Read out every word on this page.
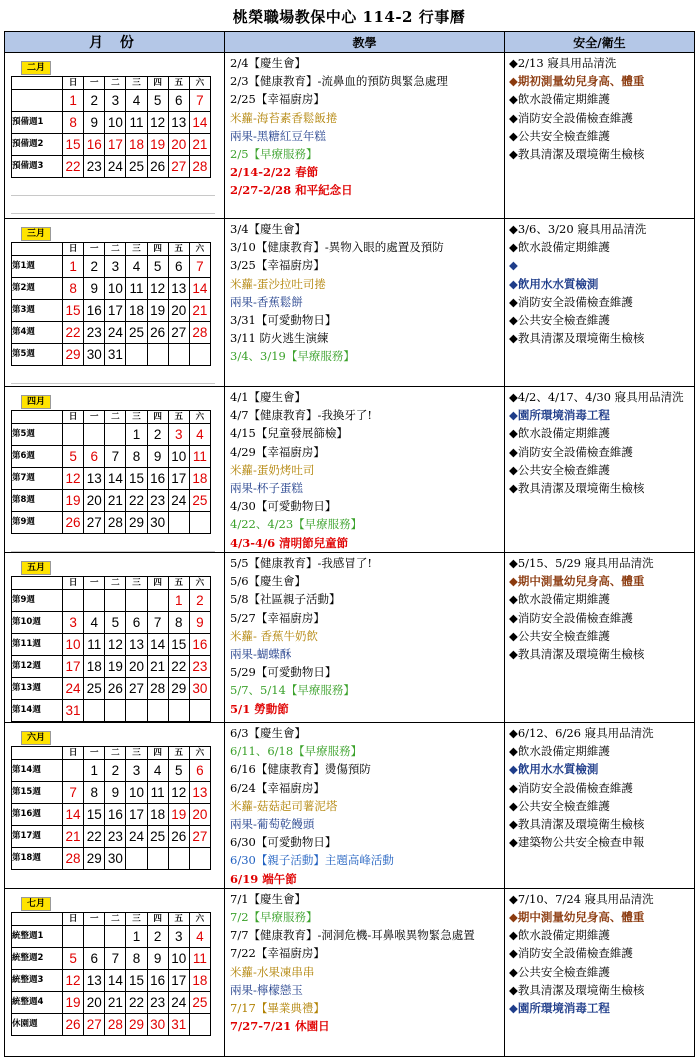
桃榮職場教保中心 114-2 行事曆
月 份	教學	安全/衛生

二月
	日	一	二	三	四	五	六
	1	2	3	4	5	6	7
預備週1	8	9	10	11	12	13	14
預備週2	15	16	17	18	19	20	21
預備週3	22	23	24	25	26	27	28

2/4【慶生會】
2/3【健康教育】-流鼻血的預防與緊急處理
2/25【幸福廚房】
米蘿-海苔素香鬆飯捲
兩果-黑糖紅豆年糕
2/5【早療服務】
2/14-2/22 春節
2/27-2/28 和平紀念日

◆2/13 寢具用品清洗
◆期初測量幼兒身高、體重
◆飲水設備定期維護
◆消防安全設備檢查維護
◆公共安全檢查維護
◆教具清潔及環境衛生檢核

三月
	日	一	二	三	四	五	六
第1週	1	2	3	4	5	6	7
第2週	8	9	10	11	12	13	14
第3週	15	16	17	18	19	20	21
第4週	22	23	24	25	26	27	28
第5週	29	30	31				

3/4【慶生會】
3/10【健康教育】-異物入眼的處置及預防
3/25【幸福廚房】
米蘿-蛋沙拉吐司捲
兩果-香蕉鬆餅
3/31【可愛動物日】
3/11 防火逃生演練
3/4、3/19【早療服務】

◆3/6、3/20 寢具用品清洗
◆飲水設備定期維護
◆
◆飲用水水質檢測
◆消防安全設備檢查維護
◆公共安全檢查維護
◆教具清潔及環境衛生檢核

四月
	日	一	二	三	四	五	六
第5週				1	2	3	4
第6週	5	6	7	8	9	10	11
第7週	12	13	14	15	16	17	18
第8週	19	20	21	22	23	24	25
第9週	26	27	28	29	30		

4/1【慶生會】
4/7【健康教育】-我換牙了!
4/15【兒童發展篩檢】
4/29【幸福廚房】
米蘿-蛋奶烤吐司
兩果-杯子蛋糕
4/30【可愛動物日】
4/22、4/23【早療服務】
4/3-4/6 清明節兒童節

◆4/2、4/17、4/30 寢具用品清洗
◆園所環境消毒工程
◆飲水設備定期維護
◆消防安全設備檢查維護
◆公共安全檢查維護
◆教具清潔及環境衛生檢核

五月
	日	一	二	三	四	五	六
第9週						1	2
第10週	3	4	5	6	7	8	9
第11週	10	11	12	13	14	15	16
第12週	17	18	19	20	21	22	23
第13週	24	25	26	27	28	29	30
第14週	31						

5/5【健康教育】-我感冒了!
5/6【慶生會】
5/8【社區親子活動】
5/27【幸福廚房】
米蘿- 香蕉牛奶飲
兩果-蝴蝶酥
5/29【可愛動物日】
5/7、5/14【早療服務】
5/1 勞動節

◆5/15、5/29 寢具用品清洗
◆期中測量幼兒身高、體重
◆飲水設備定期維護
◆消防安全設備檢查維護
◆公共安全檢查維護
◆教具清潔及環境衛生檢核

六月
	日	一	二	三	四	五	六
第14週		1	2	3	4	5	6
第15週	7	8	9	10	11	12	13
第16週	14	15	16	17	18	19	20
第17週	21	22	23	24	25	26	27
第18週	28	29	30				

6/3【慶生會】
6/11、6/18【早療服務】
6/16【健康教育】燙傷預防
6/24【幸福廚房】
米蘿-菇菇起司薯泥塔
兩果-葡萄乾饅頭
6/30【可愛動物日】
6/30【親子活動】主題高峰活動
6/19 端午節

◆6/12、6/26 寢具用品清洗
◆飲水設備定期維護
◆飲用水水質檢測
◆消防安全設備檢查維護
◆公共安全檢查維護
◆教具清潔及環境衛生檢核
◆建築物公共安全檢查申報

七月
	日	一	二	三	四	五	六
統整週1				1	2	3	4
統整週2	5	6	7	8	9	10	11
統整週3	12	13	14	15	16	17	18
統整週4	19	20	21	22	23	24	25
休園週	26	27	28	29	30	31	

7/1【慶生會】
7/2【早療服務】
7/7【健康教育】-洞洞危機-耳鼻喉異物緊急處置
7/22【幸福廚房】
米蘿-水果凍串串
兩果-檸檬戀玉
7/17【畢業典禮】
7/27-7/21 休園日

◆7/10、7/24 寢具用品清洗
◆期中測量幼兒身高、體重
◆飲水設備定期維護
◆消防安全設備檢查維護
◆公共安全檢查維護
◆教具清潔及環境衛生檢核
◆園所環境消毒工程
